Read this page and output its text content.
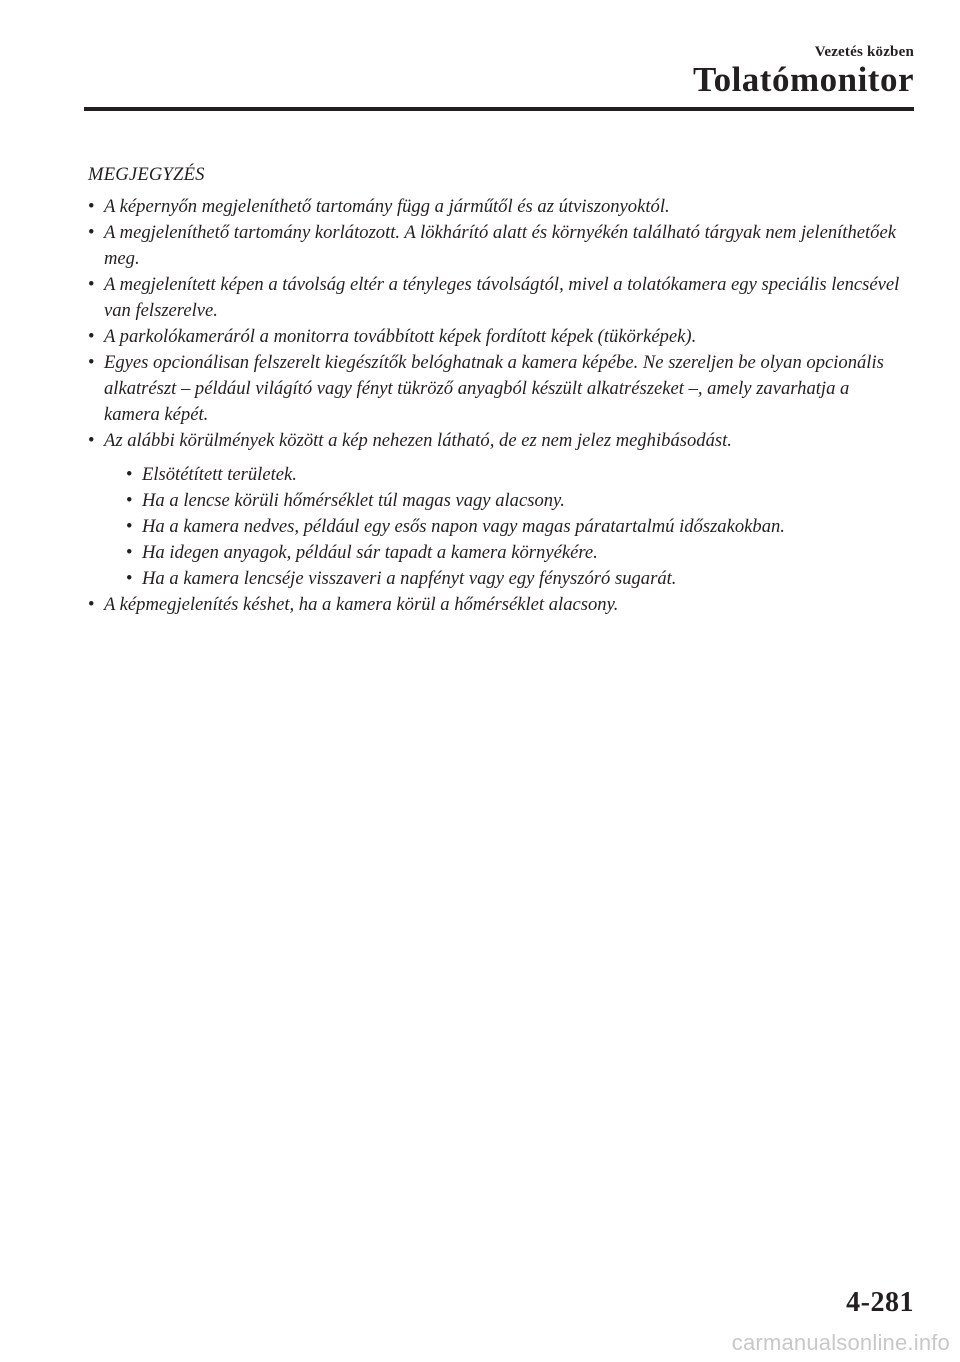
Vezetés közben
Tolatómonitor
MEGJEGYZÉS
• A képernyőn megjeleníthető tartomány függ a járműtől és az útviszonyoktól.
• A megjeleníthető tartomány korlátozott. A lökhárító alatt és környékén található tárgyak nem jeleníthetőek meg.
• A megjelenített képen a távolság eltér a tényleges távolságtól, mivel a tolatókamera egy speciális lencsével van felszerelve.
• A parkolókameráról a monitorra továbbított képek fordított képek (tükörképek).
• Egyes opcionálisan felszerelt kiegészítők belóghatnak a kamera képébe. Ne szereljen be olyan opcionális alkatrészt – például világító vagy fényt tükröző anyagból készült alkatrészeket –, amely zavarhatja a kamera képét.
• Az alábbi körülmények között a kép nehezen látható, de ez nem jelez meghibásodást.
• Elsötétített területek.
• Ha a lencse körüli hőmérséklet túl magas vagy alacsony.
• Ha a kamera nedves, például egy esős napon vagy magas páratartalmú időszakokban.
• Ha idegen anyagok, például sár tapadt a kamera környékére.
• Ha a kamera lencséje visszaveri a napfényt vagy egy fényszóró sugarát.
• A képmegjelenítés késhet, ha a kamera körül a hőmérséklet alacsony.
4-281
carmanualsonline.info
